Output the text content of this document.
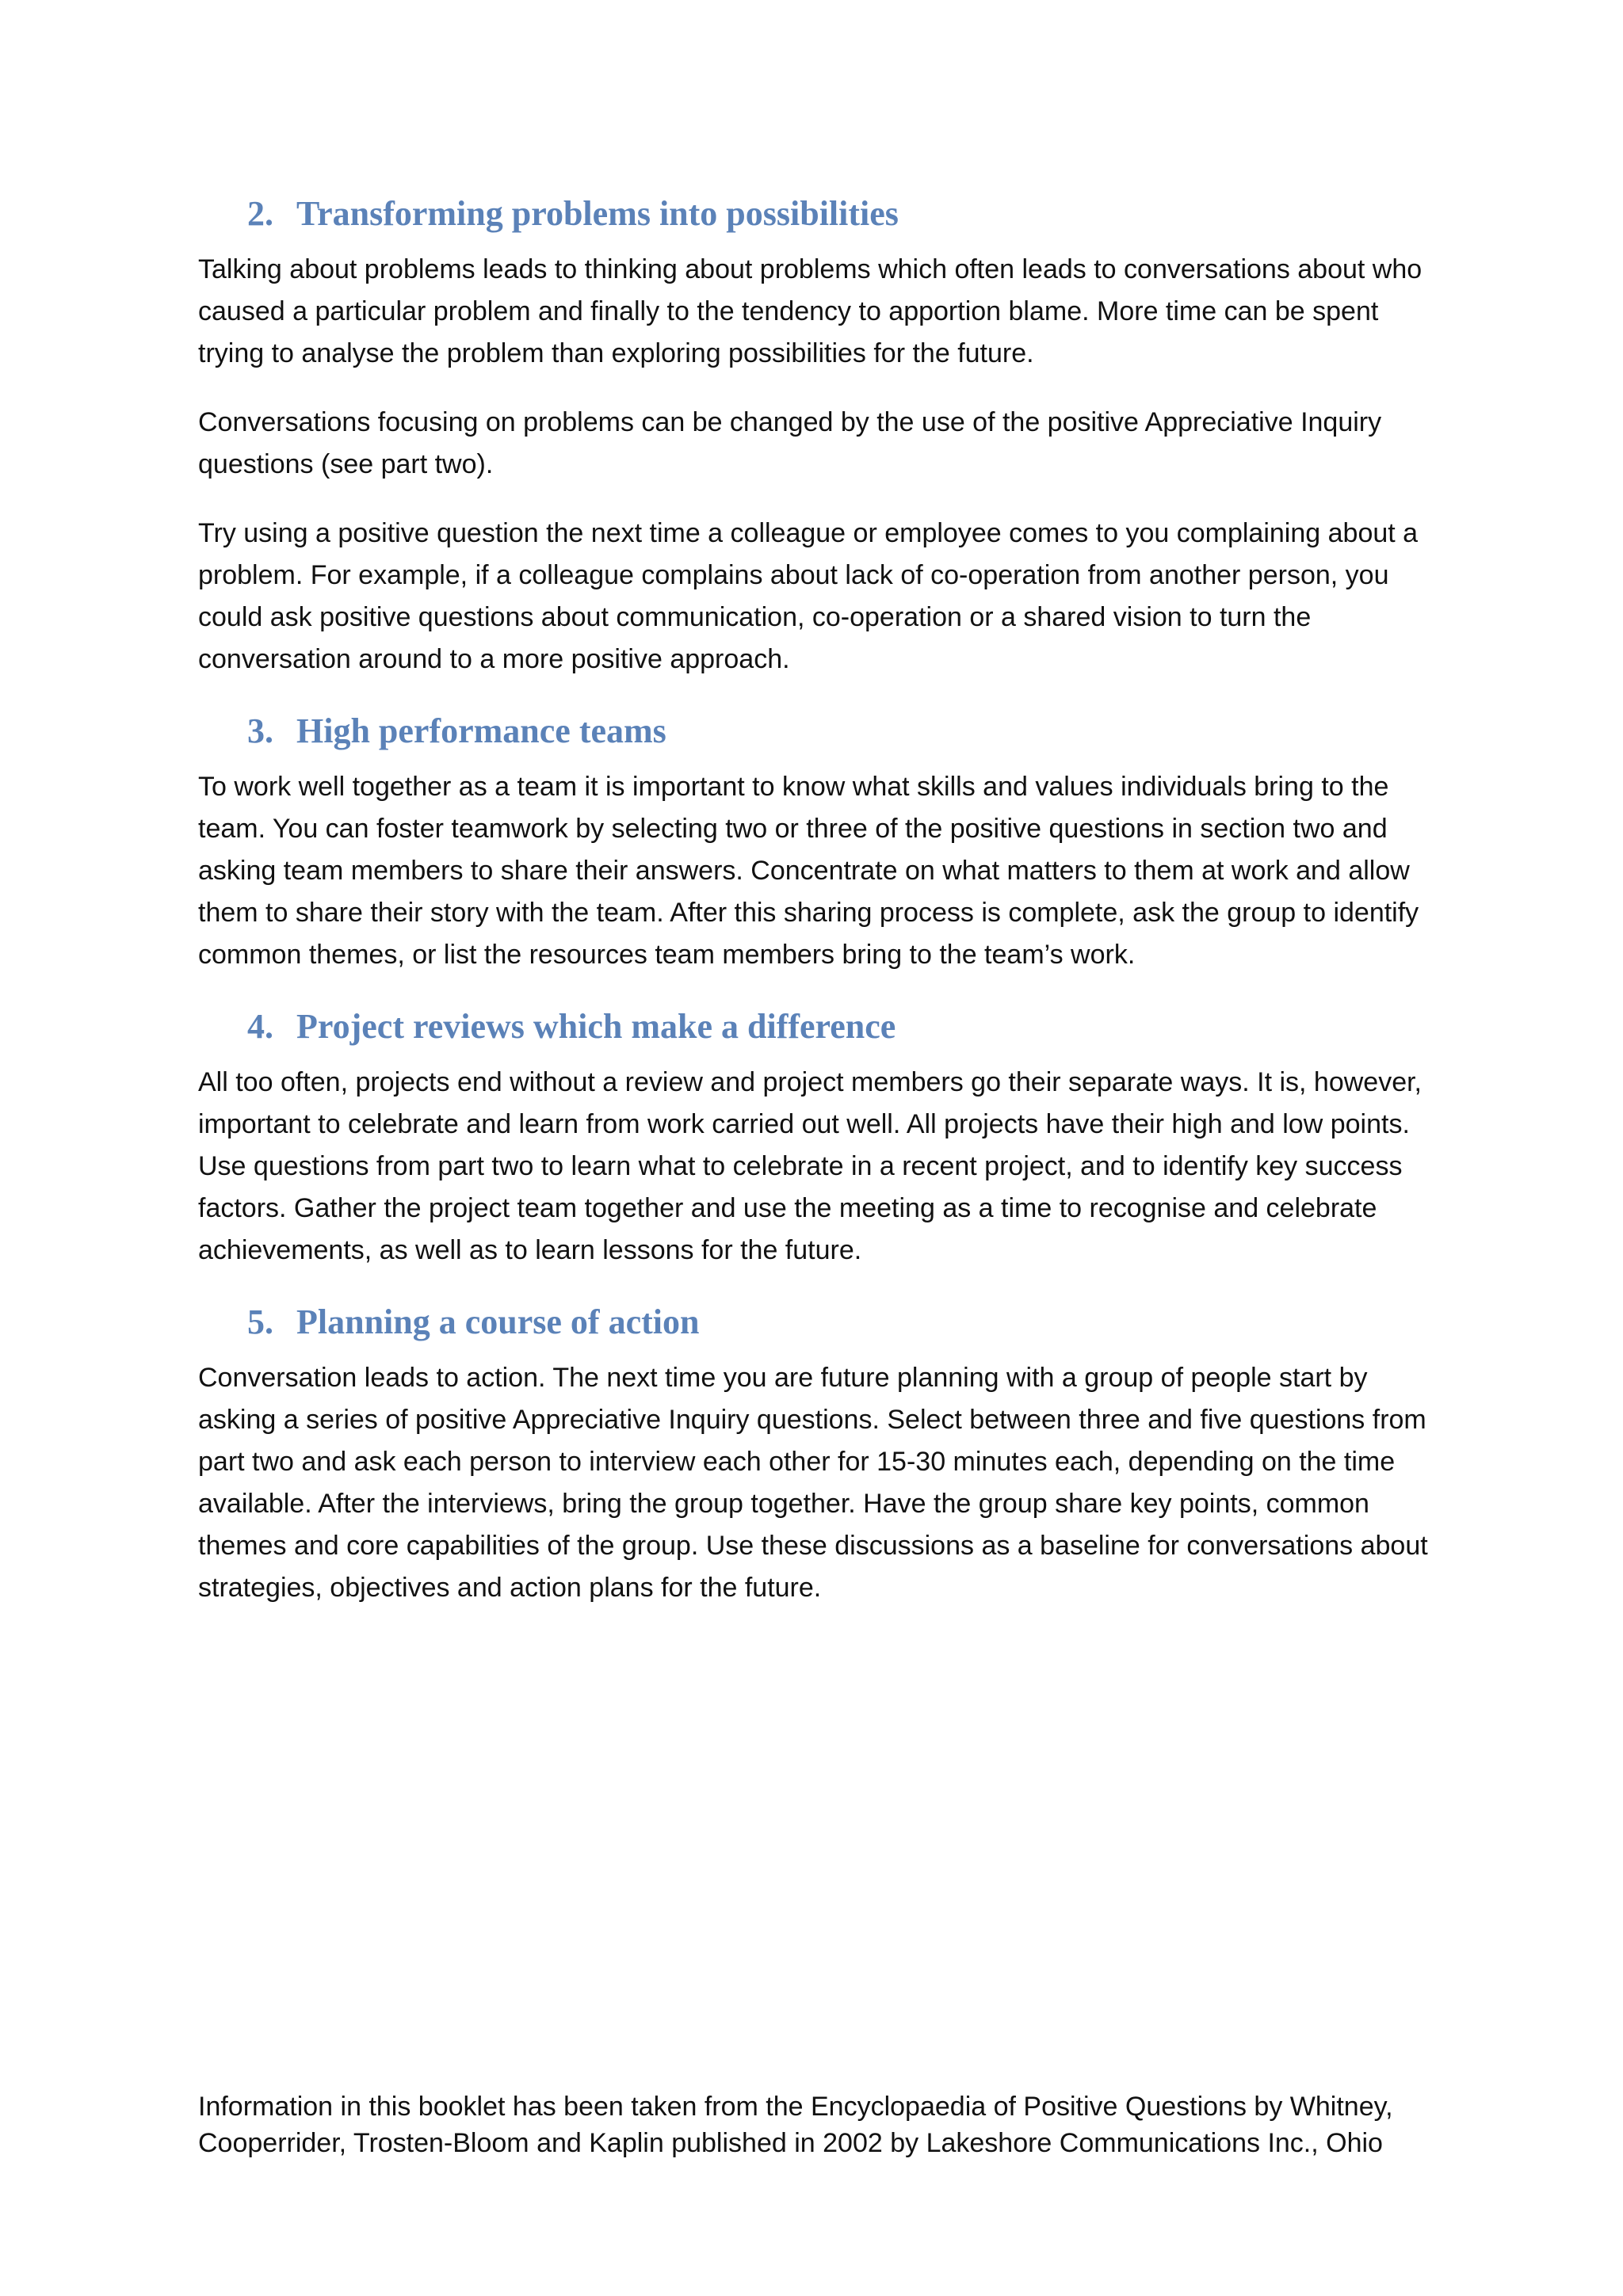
2. Transforming problems into possibilities

Talking about problems leads to thinking about problems which often leads to conversations about who caused a particular problem and finally to the tendency to apportion blame. More time can be spent trying to analyse the problem than exploring possibilities for the future.

Conversations focusing on problems can be changed by the use of the positive Appreciative Inquiry questions (see part two).

Try using a positive question the next time a colleague or employee comes to you complaining about a problem. For example, if a colleague complains about lack of co-operation from another person, you could ask positive questions about communication, co-operation or a shared vision to turn the conversation around to a more positive approach.

3. High performance teams

To work well together as a team it is important to know what skills and values individuals bring to the team. You can foster teamwork by selecting two or three of the positive questions in section two and asking team members to share their answers. Concentrate on what matters to them at work and allow them to share their story with the team. After this sharing process is complete, ask the group to identify common themes, or list the resources team members bring to the team’s work.

4. Project reviews which make a difference

All too often, projects end without a review and project members go their separate ways. It is, however, important to celebrate and learn from work carried out well. All projects have their high and low points. Use questions from part two to learn what to celebrate in a recent project, and to identify key success factors. Gather the project team together and use the meeting as a time to recognise and celebrate achievements, as well as to learn lessons for the future.

5. Planning a course of action

Conversation leads to action. The next time you are future planning with a group of people start by asking a series of positive Appreciative Inquiry questions. Select between three and five questions from part two and ask each person to interview each other for 15-30 minutes each, depending on the time available. After the interviews, bring the group together. Have the group share key points, common themes and core capabilities of the group. Use these discussions as a baseline for conversations about strategies, objectives and action plans for the future.

Information in this booklet has been taken from the Encyclopaedia of Positive Questions by Whitney, Cooperrider, Trosten-Bloom and Kaplin published in 2002 by Lakeshore Communications Inc., Ohio
